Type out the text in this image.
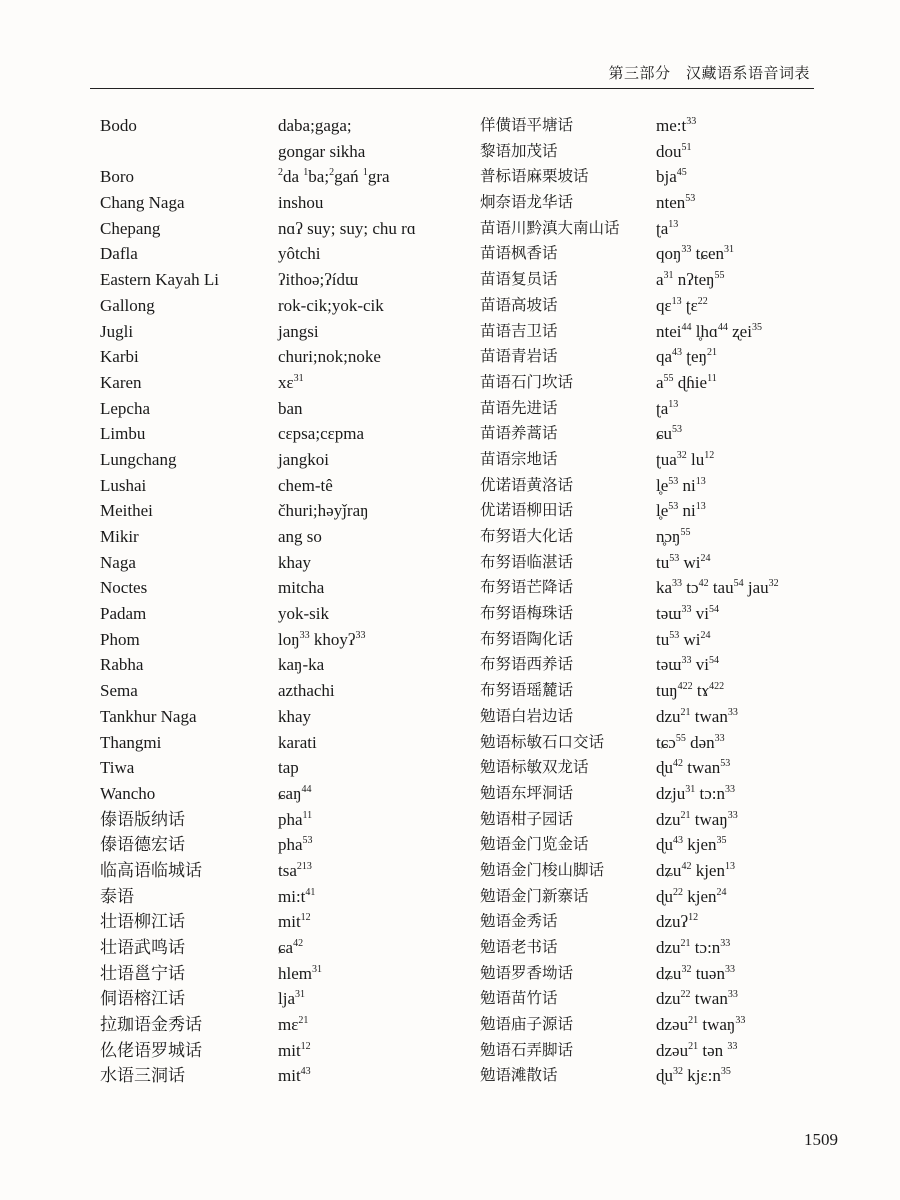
第三部分　汉藏语系语音词表
Bodo
Boro
Chang Naga
Chepang
Dafla
Eastern Kayah Li
Gallong
Jugli
Karbi
Karen
Lepcha
Limbu
Lungchang
Lushai
Meithei
Mikir
Naga
Noctes
Padam
Phom
Rabha
Sema
Tankhur Naga
Thangmi
Tiwa
Wancho
傣语版纳话
傣语德宏话
临高语临城话
泰语
壮语柳江话
壮语武鸣话
壮语邕宁话
侗语榕江话
拉珈语金秀话
仫佬语罗城话
水语三洞话
daba;gaga;
gongar sikha
$^2$da $^1$ba;$^2$gań $^1$gra
inshou
nɑʔ suy; suy; chu rɑ
yôtchi
ʔithoə;ʔídɯ
rok-cik;yok-cik
jangsi
churi;nok;noke
xɛ$^{31}$
ban
cɛpsa;cɛpma
jangkoi
chem-tê
čhuri;həyǰraŋ
ang so
khay
mitcha
yok-sik
loŋ$^{33}$ khoyʔ$^{33}$
kaŋ-ka
azthachi
khay
karati
tap
ɕaŋ$^{44}$
pha$^{11}$
pha$^{53}$
tsa$^{213}$
$mi:t^{41}$
mit$^{12}$
ɕa$^{42}$
hlem$^{31}$
lja$^{31}$
mɛ$^{21}$
mit$^{12}$
mit$^{43}$
佯僙语平塘话
黎语加茂话
普标语麻栗坡话
炯奈语龙华话
苗语川黔滇大南山话
苗语枫香话
苗语复员话
苗语高坡话
苗语吉卫话
苗语青岩话
苗语石门坎话
苗语先进话
苗语养蒿话
苗语宗地话
优诺语黄洛话
优诺语柳田话
布努语大化话
布努语临湛话
布努语芒降话
布努语梅珠话
布努语陶化话
布努语西养话
布努语瑶麓话
勉语白岩边话
勉语标敏石口交话
勉语标敏双龙话
勉语东坪洞话
勉语柑子园话
勉语金门览金话
勉语金门梭山脚话
勉语金门新寨话
勉语金秀话
勉语老书话
勉语罗香坳话
勉语苗竹话
勉语庙子源话
勉语石弄脚话
勉语滩散话
$me:t^{33}$
dou$^{51}$
bja$^{45}$
nten$^{53}$
ʈa$^{13}$
qoŋ$^{33}$ tɕen$^{31}$
$a^{31}$ nʔteŋ$^{55}$
qɛ$^{13}$ ʈɛ$^{22}$
ntei$^{44}$ l̥hɑ$^{44}$ ʐei$^{35}$
$qa^{43}$ ʈeŋ$^{21}$
$a^{55}$ ɖɦie$^{11}$
ʈa$^{13}$
ɕu$^{53}$
ʈua$^{32}$ $lu^{12}$
$l̥e^{53}$ $ni^{13}$
$l̥e^{53}$ $ni^{13}$
n̥ɔŋ$^{55}$
$tu^{53}$ $wi^{24}$
$ka^{33}$ tɔ$^{42}$ tau$^{54}$ jau$^{32}$
təɯ$^{33}$ $vi^{54}$
$tu^{53}$ $wi^{24}$
təɯ$^{33}$ $vi^{54}$
tuŋ$^{422}$ tɤ$^{422}$
dzu$^{21}$ twan$^{33}$
tɕɔ$^{55}$ dən$^{33}$
ɖu$^{42}$ twan$^{53}$
dzju$^{31}$ $tɔ:n^{33}$
dzu$^{21}$ twaŋ$^{33}$
ɖu$^{43}$ kjen$^{35}$
dʑu$^{42}$ kjen$^{13}$
ɖu$^{22}$ kjen$^{24}$
dzuʔ$^{12}$
dzu$^{21}$ $tɔ:n^{33}$
dʑu$^{32}$ tuən$^{33}$
dzu$^{22}$ twan$^{33}$
dzəu$^{21}$ twaŋ$^{33}$
dzəu$^{21}$ tən $^{33}$
ɖu$^{32}$ $kjɛ:n^{35}$
1509
